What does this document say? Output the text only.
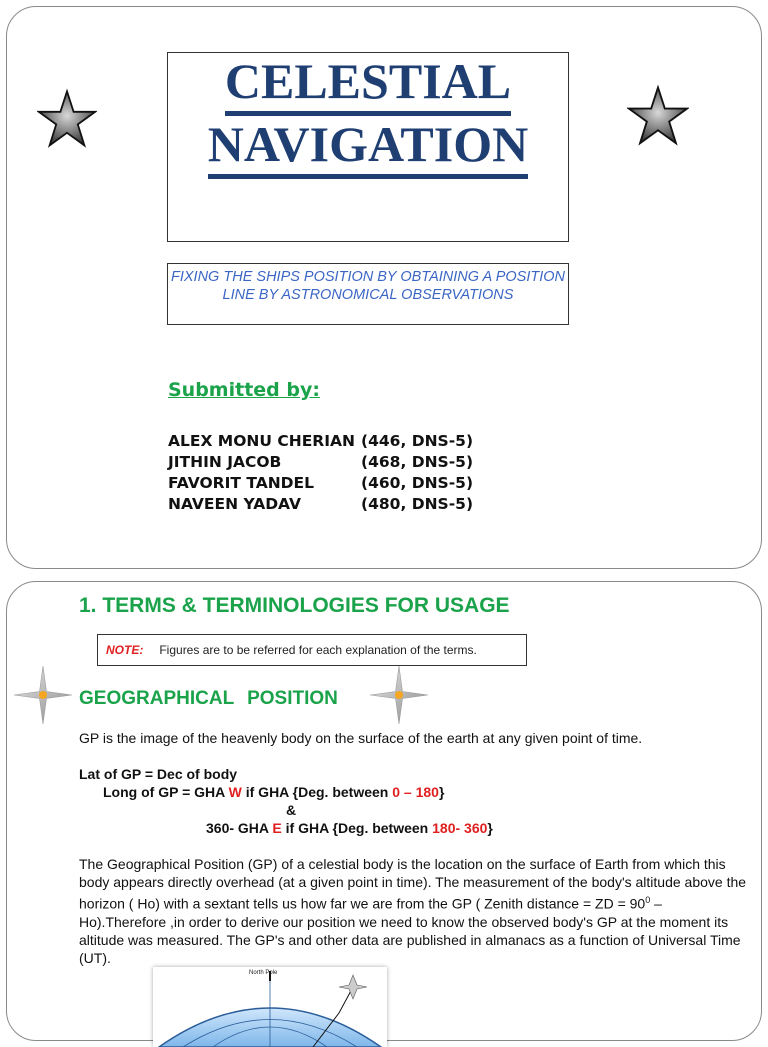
CELESTIAL
NAVIGATION
FIXING THE SHIPS POSITION BY OBTAINING A POSITION LINE BY ASTRONOMICAL OBSERVATIONS
Submitted by:
ALEX MONU CHERIAN (446, DNS-5)
JITHIN JACOB	(468, DNS-5)
FAVORIT TANDEL	(460, DNS-5)
NAVEEN YADAV	(480, DNS-5)
1. TERMS & TERMINOLOGIES FOR USAGE
NOTE: Figures are to be referred for each explanation of the terms.
GEOGRAPHICAL POSITION
GP is the image of the heavenly body on the surface of the earth at any given point of time.
Lat of GP = Dec of body
Long of GP = GHA W if GHA {Deg. between 0 – 180}
&
360- GHA E if GHA {Deg. between 180- 360}
The Geographical Position (GP) of a celestial body is the location on the surface of Earth from which this body appears directly overhead (at a given point in time). The measurement of the body's altitude above the horizon ( Ho) with a sextant tells us how far we are from the GP ( Zenith distance = ZD = $90^0$ – Ho).Therefore ,in order to derive our position we need to know the observed body's GP at the moment its altitude was measured. The GP's and other data are published in almanacs as a function of Universal Time (UT).
North Pole
